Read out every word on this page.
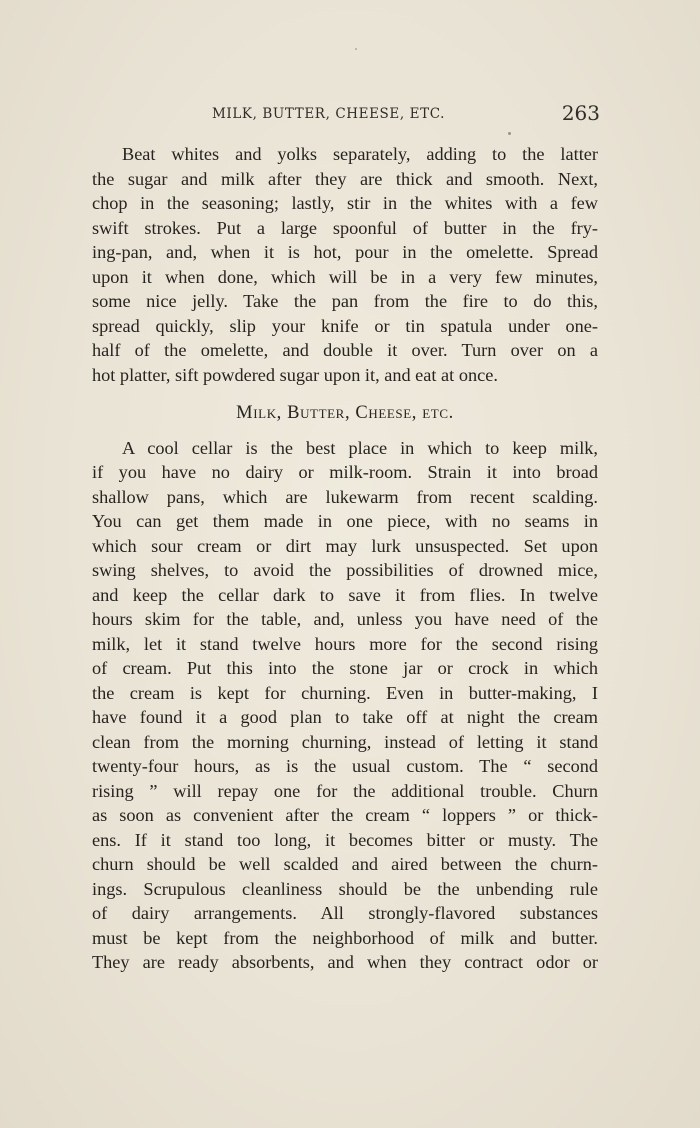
MILK, BUTTER, CHEESE, ETC.	263

Beat whites and yolks separately, adding to the latter
the sugar and milk after they are thick and smooth. Next,
chop in the seasoning; lastly, stir in the whites with a few
swift strokes. Put a large spoonful of butter in the fry-
ing-pan, and, when it is hot, pour in the omelette. Spread
upon it when done, which will be in a very few minutes,
some nice jelly. Take the pan from the fire to do this,
spread quickly, slip your knife or tin spatula under one-
half of the omelette, and double it over. Turn over on a
hot platter, sift powdered sugar upon it, and eat at once.

Milk, Butter, Cheese, etc.

A cool cellar is the best place in which to keep milk,
if you have no dairy or milk-room. Strain it into broad
shallow pans, which are lukewarm from recent scalding.
You can get them made in one piece, with no seams in
which sour cream or dirt may lurk unsuspected. Set upon
swing shelves, to avoid the possibilities of drowned mice,
and keep the cellar dark to save it from flies. In twelve
hours skim for the table, and, unless you have need of the
milk, let it stand twelve hours more for the second rising
of cream. Put this into the stone jar or crock in which
the cream is kept for churning. Even in butter-making, I
have found it a good plan to take off at night the cream
clean from the morning churning, instead of letting it stand
twenty-four hours, as is the usual custom. The “ second
rising ” will repay one for the additional trouble. Churn
as soon as convenient after the cream “ loppers ” or thick-
ens. If it stand too long, it becomes bitter or musty. The
churn should be well scalded and aired between the churn-
ings. Scrupulous cleanliness should be the unbending rule
of dairy arrangements. All strongly-flavored substances
must be kept from the neighborhood of milk and butter.
They are ready absorbents, and when they contract odor or
